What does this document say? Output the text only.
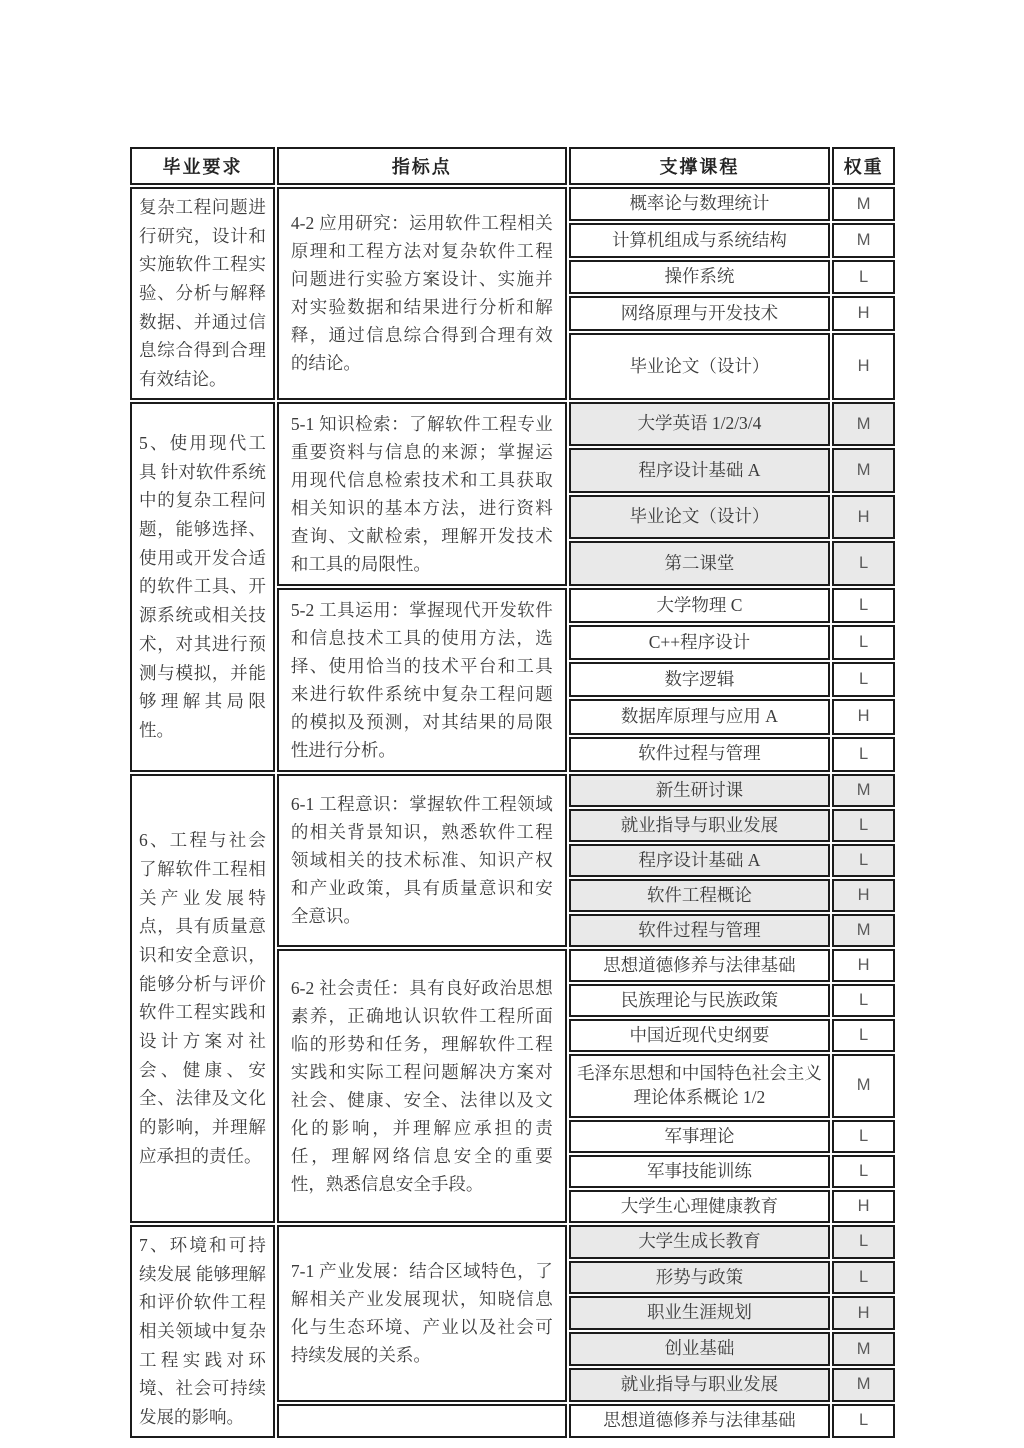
毕业要求	指标点	支撑课程	权重
复杂工程问题进行研究，设计和实施软件工程实验、分析与解释数据、并通过信息综合得到合理有效结论。	4-2 应用研究：运用软件工程相关原理和工程方法对复杂软件工程问题进行实验方案设计、实施并对实验数据和结果进行分析和解释，通过信息综合得到合理有效的结论。	概率论与数理统计	M
		计算机组成与系统结构	M
		操作系统	L
		网络原理与开发技术	H
		毕业论文（设计）	H
5、使用现代工具 针对软件系统中的复杂工程问题，能够选择、使用或开发合适的软件工具、开源系统或相关技术，对其进行预测与模拟，并能够理解其局限性。	5-1 知识检索：了解软件工程专业重要资料与信息的来源；掌握运用现代信息检索技术和工具获取相关知识的基本方法，进行资料查询、文献检索，理解开发技术和工具的局限性。	大学英语 1/2/3/4	M
		程序设计基础 A	M
		毕业论文（设计）	H
		第二课堂	L
	5-2 工具运用：掌握现代开发软件和信息技术工具的使用方法，选择、使用恰当的技术平台和工具来进行软件系统中复杂工程问题的模拟及预测，对其结果的局限性进行分析。	大学物理 C	L
		C++程序设计	L
		数字逻辑	L
		数据库原理与应用 A	H
		软件过程与管理	L
6、工程与社会 了解软件工程相关产业发展特点，具有质量意识和安全意识，能够分析与评价软件工程实践和设计方案对社会、健康、安全、法律及文化的影响，并理解应承担的责任。	6-1 工程意识：掌握软件工程领域的相关背景知识，熟悉软件工程领域相关的技术标准、知识产权和产业政策，具有质量意识和安全意识。	新生研讨课	M
		就业指导与职业发展	L
		程序设计基础 A	L
		软件工程概论	H
		软件过程与管理	M
	6-2 社会责任：具有良好政治思想素养，正确地认识软件工程所面临的形势和任务，理解软件工程实践和实际工程问题解决方案对社会、健康、安全、法律以及文化的影响，并理解应承担的责任，理解网络信息安全的重要性，熟悉信息安全手段。	思想道德修养与法律基础	H
		民族理论与民族政策	L
		中国近现代史纲要	L
		毛泽东思想和中国特色社会主义理论体系概论 1/2	M
		军事理论	L
		军事技能训练	L
		大学生心理健康教育	H
7、环境和可持续发展 能够理解和评价软件工程相关领域中复杂工程实践对环境、社会可持续发展的影响。	7-1 产业发展：结合区域特色，了解相关产业发展现状，知晓信息化与生态环境、产业以及社会可持续发展的关系。	大学生成长教育	L
		形势与政策	L
		职业生涯规划	H
		创业基础	M
		就业指导与职业发展	M
		思想道德修养与法律基础	L
